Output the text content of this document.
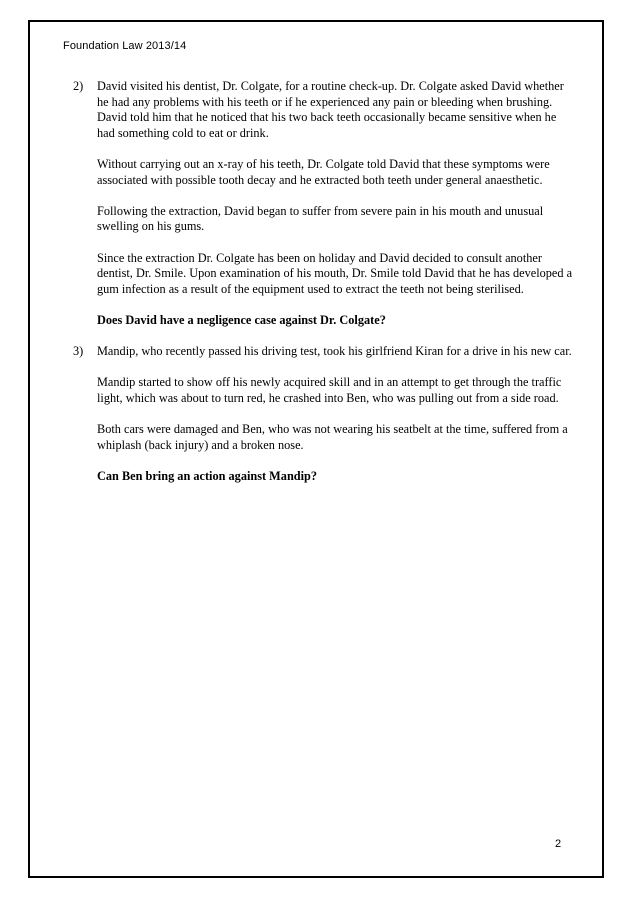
Foundation Law 2013/14
2) David visited his dentist, Dr. Colgate, for a routine check-up. Dr. Colgate asked David whether he had any problems with his teeth or if he experienced any pain or bleeding when brushing. David told him that he noticed that his two back teeth occasionally became sensitive when he had something cold to eat or drink.

Without carrying out an x-ray of his teeth, Dr. Colgate told David that these symptoms were associated with possible tooth decay and he extracted both teeth under general anaesthetic.

Following the extraction, David began to suffer from severe pain in his mouth and unusual swelling on his gums.

Since the extraction Dr. Colgate has been on holiday and David decided to consult another dentist, Dr. Smile. Upon examination of his mouth, Dr. Smile told David that he has developed a gum infection as a result of the equipment used to extract the teeth not being sterilised.

Does David have a negligence case against Dr. Colgate?

3) Mandip, who recently passed his driving test, took his girlfriend Kiran for a drive in his new car.

Mandip started to show off his newly acquired skill and in an attempt to get through the traffic light, which was about to turn red, he crashed into Ben, who was pulling out from a side road.

Both cars were damaged and Ben, who was not wearing his seatbelt at the time, suffered from a whiplash (back injury) and a broken nose.

Can Ben bring an action against Mandip?

2
